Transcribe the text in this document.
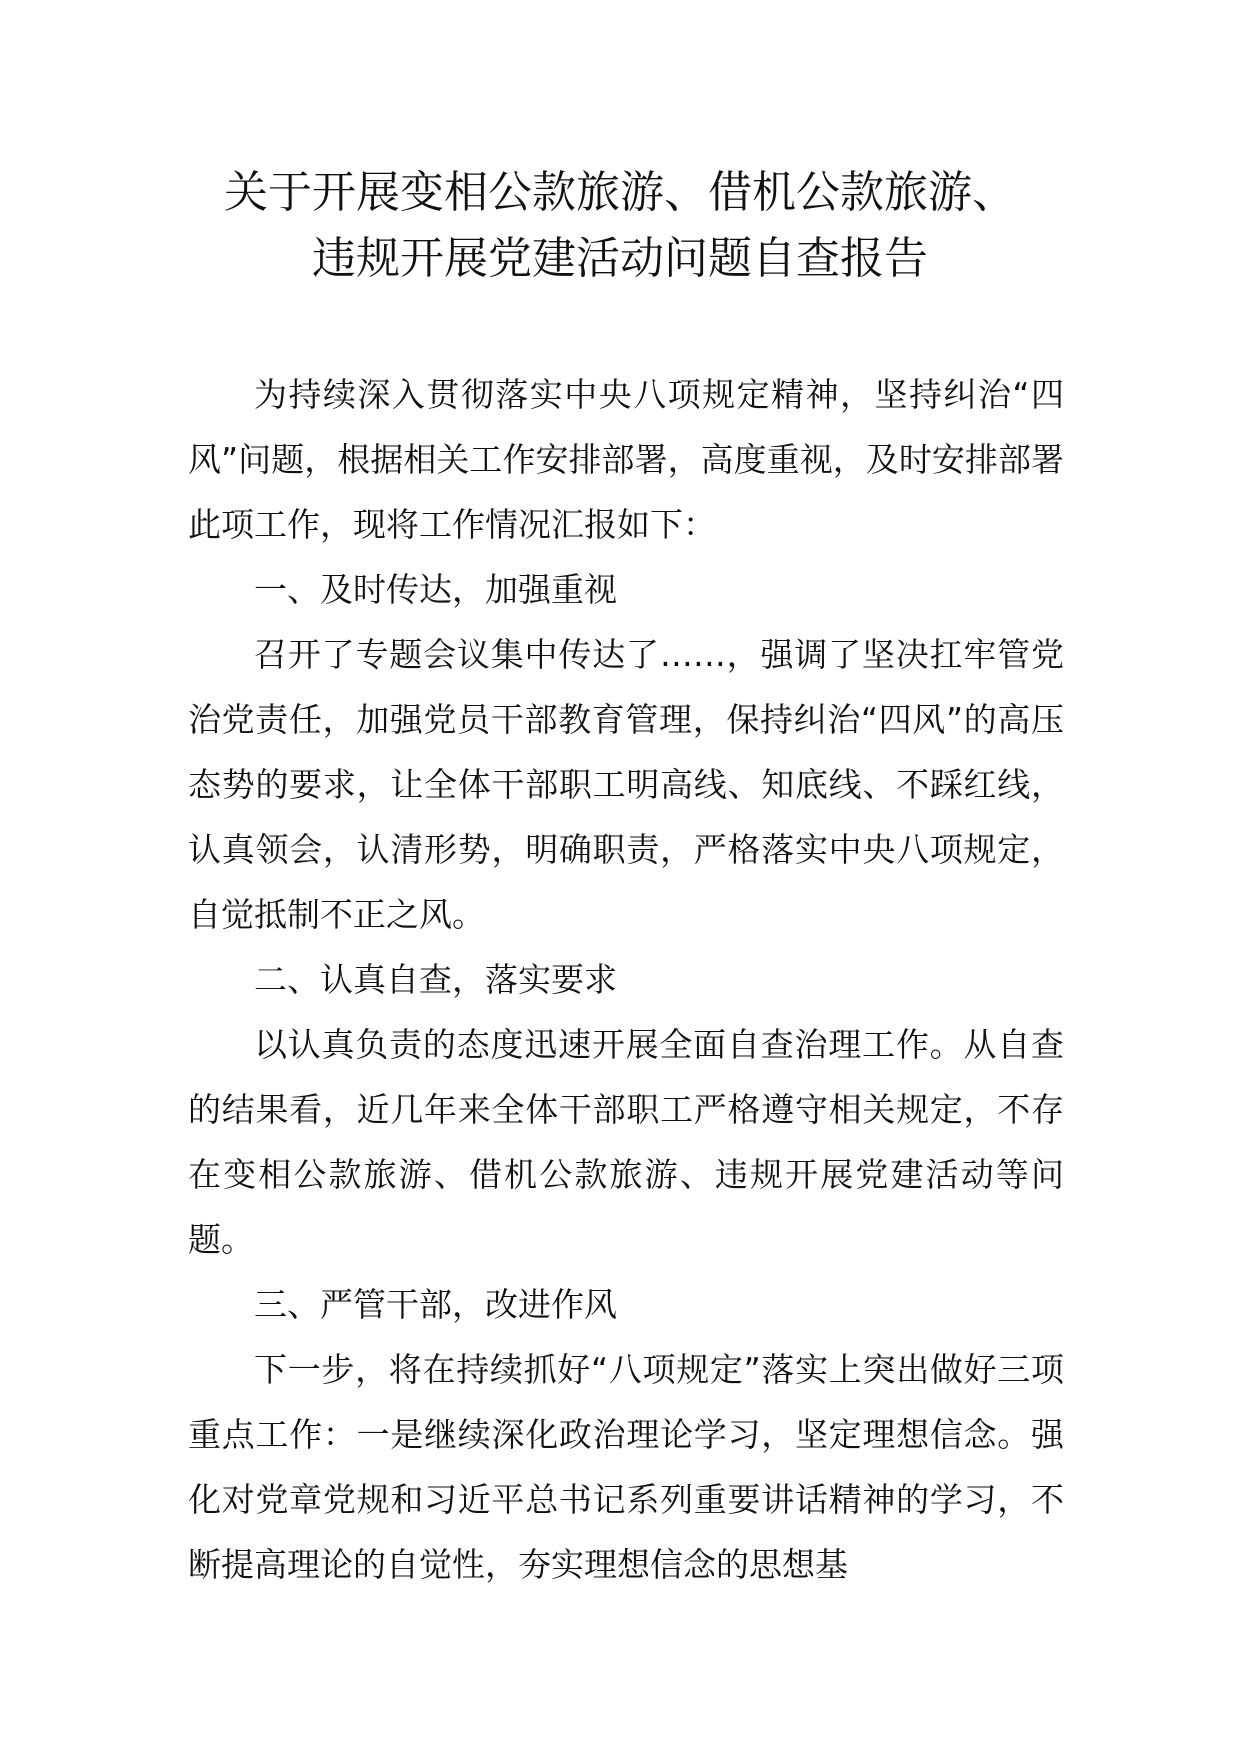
关于开展变相公款旅游、借机公款旅游、
违规开展党建活动问题自查报告

为持续深入贯彻落实中央八项规定精神，坚持纠治“四风”问题，根据相关工作安排部署，高度重视，及时安排部署此项工作，现将工作情况汇报如下：

一、及时传达，加强重视

召开了专题会议集中传达了……，强调了坚决扛牢管党治党责任，加强党员干部教育管理，保持纠治“四风”的高压态势的要求，让全体干部职工明高线、知底线、不踩红线，认真领会，认清形势，明确职责，严格落实中央八项规定，自觉抵制不正之风。

二、认真自查，落实要求

以认真负责的态度迅速开展全面自查治理工作。从自查的结果看，近几年来全体干部职工严格遵守相关规定，不存在变相公款旅游、借机公款旅游、违规开展党建活动等问题。

三、严管干部，改进作风

下一步，将在持续抓好“八项规定”落实上突出做好三项重点工作：一是继续深化政治理论学习，坚定理想信念。强化对党章党规和习近平总书记系列重要讲话精神的学习，不断提高理论的自觉性，夯实理想信念的思想基
